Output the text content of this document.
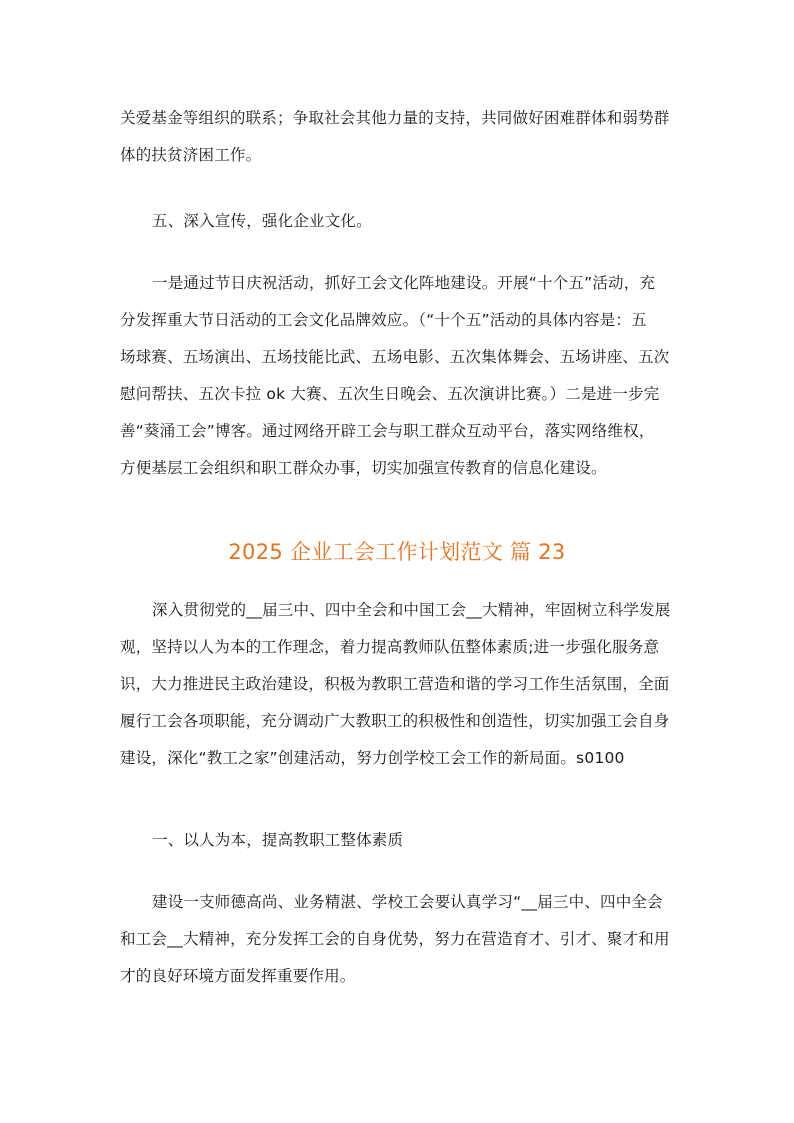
关爱基金等组织的联系；争取社会其他力量的支持，共同做好困难群体和弱势群
体的扶贫济困工作。
五、深入宣传，强化企业文化。
一是通过节日庆祝活动，抓好工会文化阵地建设。开展“十个五”活动，充
分发挥重大节日活动的工会文化品牌效应。（“十个五”活动的具体内容是：五
场球赛、五场演出、五场技能比武、五场电影、五次集体舞会、五场讲座、五次
慰问帮扶、五次卡拉 ok 大赛、五次生日晚会、五次演讲比赛。）二是进一步完
善“葵涌工会”博客。通过网络开辟工会与职工群众互动平台，落实网络维权，
方便基层工会组织和职工群众办事，切实加强宣传教育的信息化建设。
2025 企业工会工作计划范文 篇 23
深入贯彻党的__届三中、四中全会和中国工会__大精神，牢固树立科学发展
观，坚持以人为本的工作理念，着力提高教师队伍整体素质;进一步强化服务意
识，大力推进民主政治建设，积极为教职工营造和谐的学习工作生活氛围，全面
履行工会各项职能，充分调动广大教职工的积极性和创造性，切实加强工会自身
建设，深化“教工之家”创建活动，努力创学校工会工作的新局面。s0100
一、以人为本，提高教职工整体素质
建设一支师德高尚、业务精湛、学校工会要认真学习“__届三中、四中全会
和工会__大精神，充分发挥工会的自身优势，努力在营造育才、引才、聚才和用
才的良好环境方面发挥重要作用。
